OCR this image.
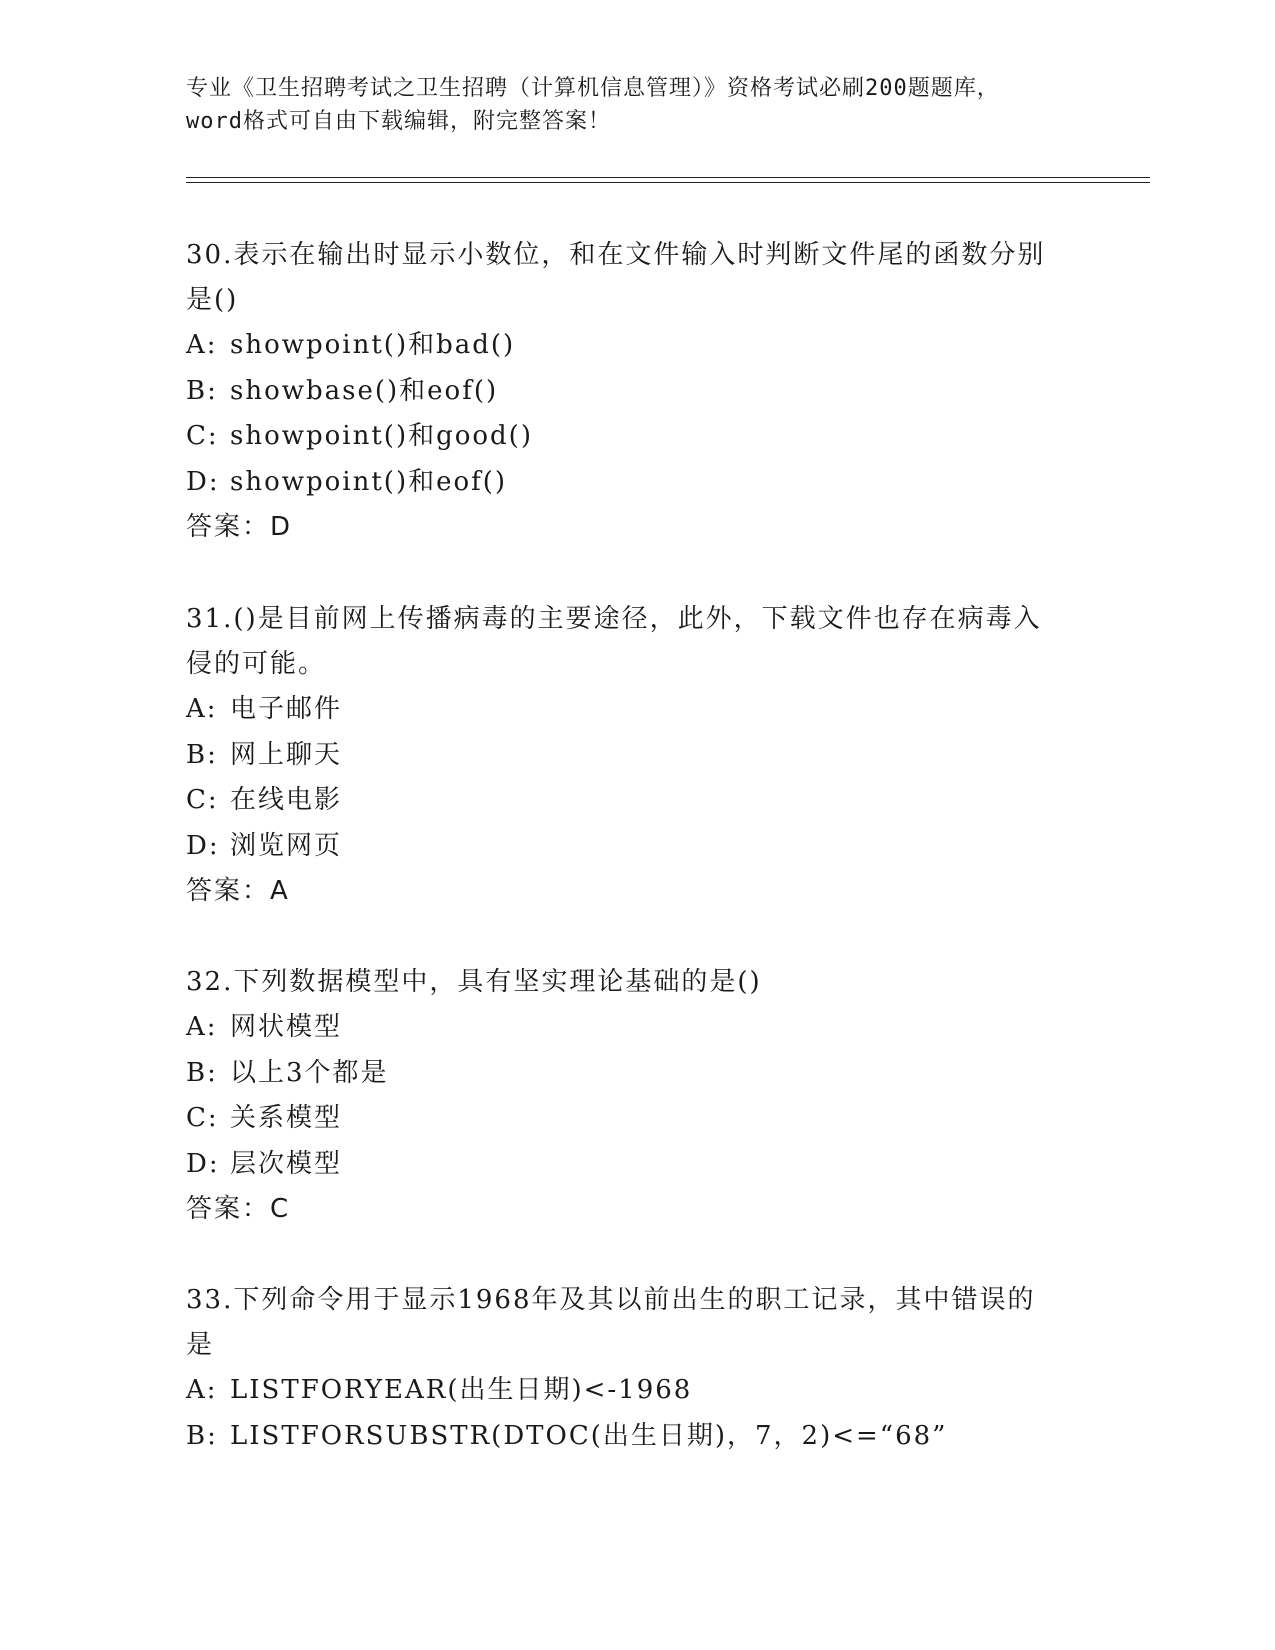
专业《卫生招聘考试之卫生招聘（计算机信息管理）》资格考试必刷200题题库，
word格式可自由下载编辑，附完整答案！
30.表示在输出时显示小数位，和在文件输入时判断文件尾的函数分别
是()
A: showpoint()和bad()
B: showbase()和eof()
C: showpoint()和good()
D: showpoint()和eof()
答案：D
31.()是目前网上传播病毒的主要途径，此外，下载文件也存在病毒入
侵的可能。
A: 电子邮件
B: 网上聊天
C: 在线电影
D: 浏览网页
答案：A
32.下列数据模型中，具有坚实理论基础的是()
A: 网状模型
B: 以上3个都是
C: 关系模型
D: 层次模型
答案：C
33.下列命令用于显示1968年及其以前出生的职工记录，其中错误的
是
A: LISTFORYEAR(出生日期)<-1968
B: LISTFORSUBSTR(DTOC(出生日期)，7，2)<=“68”
